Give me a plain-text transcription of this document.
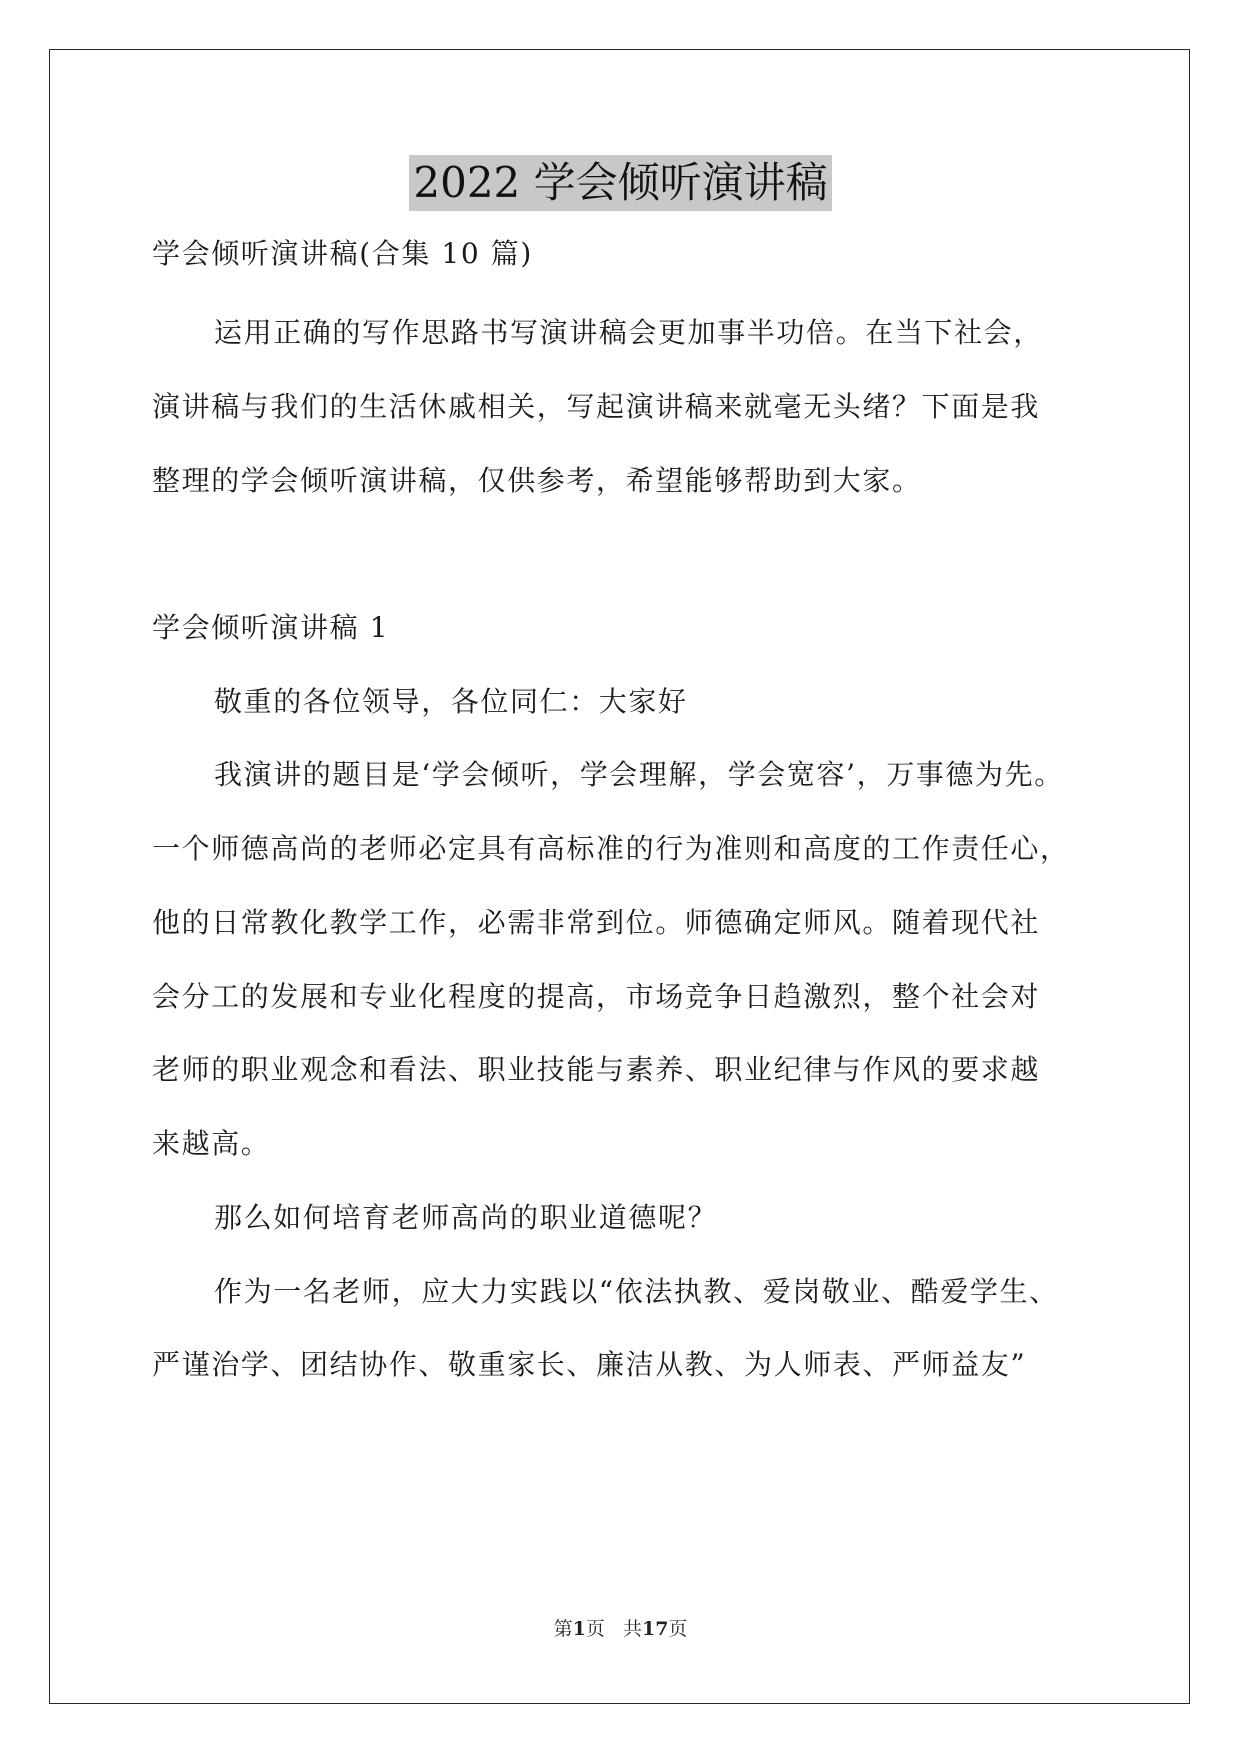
2022 学会倾听演讲稿
学会倾听演讲稿(合集 10 篇)
运用正确的写作思路书写演讲稿会更加事半功倍。在当下社会，
演讲稿与我们的生活休戚相关，写起演讲稿来就毫无头绪？下面是我
整理的学会倾听演讲稿，仅供参考，希望能够帮助到大家。
学会倾听演讲稿 1
敬重的各位领导，各位同仁：大家好
我演讲的题目是‘学会倾听，学会理解，学会宽容’，万事德为先。
一个师德高尚的老师必定具有高标准的行为准则和高度的工作责任心，
他的日常教化教学工作，必需非常到位。师德确定师风。随着现代社
会分工的发展和专业化程度的提高，市场竞争日趋激烈，整个社会对
老师的职业观念和看法、职业技能与素养、职业纪律与作风的要求越
来越高。
那么如何培育老师高尚的职业道德呢？
作为一名老师，应大力实践以“依法执教、爱岗敬业、酷爱学生、
严谨治学、团结协作、敬重家长、廉洁从教、为人师表、严师益友”
第1页 共17页
